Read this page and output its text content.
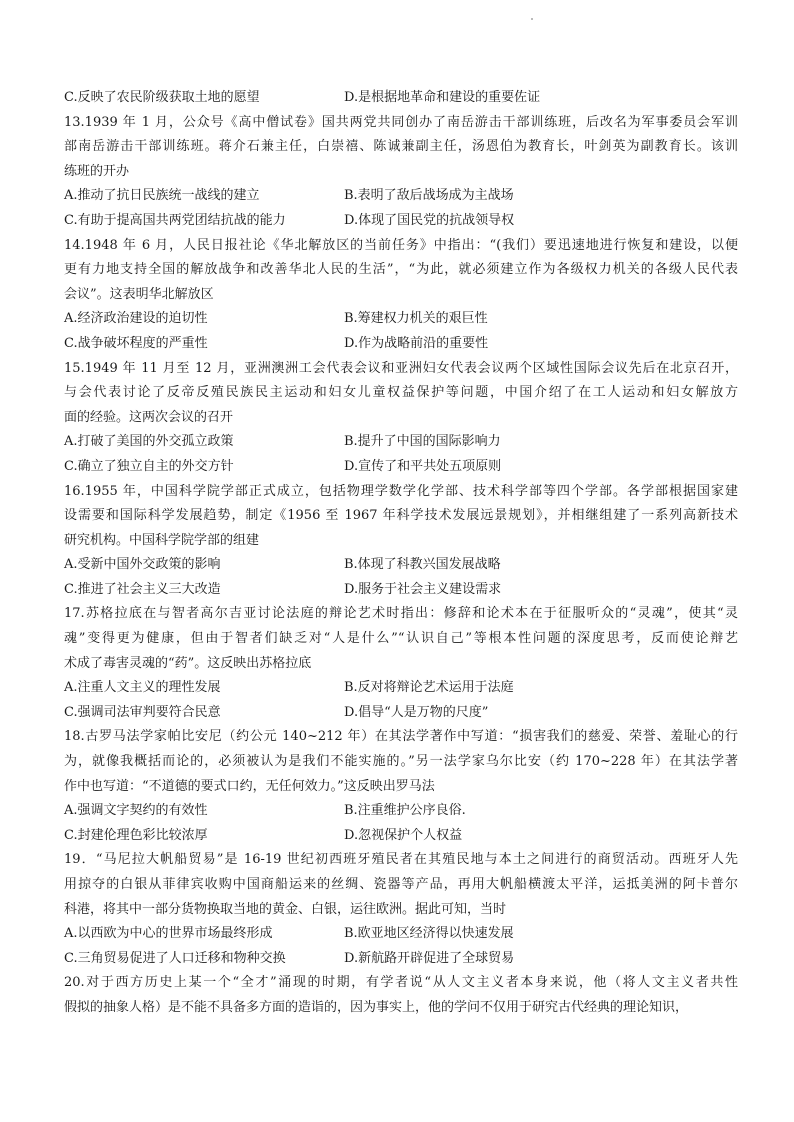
C.反映了农民阶级获取土地的愿望	D.是根据地革命和建设的重要佐证
13.1939 年 1 月，公众号《高中僧试卷》国共两党共同创办了南岳游击干部训练班，后改名为军事委员会军训
部南岳游击干部训练班。蒋介石兼主任，白崇禧、陈诚兼副主任，汤恩伯为教育长，叶剑英为副教育长。该训
练班的开办
A.推动了抗日民族统一战线的建立	B.表明了敌后战场成为主战场
C.有助于提高国共两党团结抗战的能力	D.体现了国民党的抗战领导权
14.1948 年 6 月，人民日报社论《华北解放区的当前任务》中指出：“(我们）要迅速地进行恢复和建设，以便
更有力地支持全国的解放战争和改善华北人民的生活”，“为此，就必须建立作为各级权力机关的各级人民代表
会议”。这表明华北解放区
A.经济政治建设的迫切性	B.筹建权力机关的艰巨性
C.战争破坏程度的严重性	D.作为战略前沿的重要性
15.1949 年 11 月至 12 月，亚洲澳洲工会代表会议和亚洲妇女代表会议两个区域性国际会议先后在北京召开，
与会代表讨论了反帝反殖民族民主运动和妇女儿童权益保护等问题，中国介绍了在工人运动和妇女解放方
面的经验。这两次会议的召开
A.打破了美国的外交孤立政策	B.提升了中国的国际影响力
C.确立了独立自主的外交方针	D.宣传了和平共处五项原则
16.1955 年，中国科学院学部正式成立，包括物理学数学化学部、技术科学部等四个学部。各学部根据国家建
设需要和国际科学发展趋势，制定《1956 至 1967 年科学技术发展远景规划》，并相继组建了一系列高新技术
研究机构。中国科学院学部的组建
A.受新中国外交政策的影响	B.体现了科教兴国发展战略
C.推进了社会主义三大改造	D.服务于社会主义建设需求
17.苏格拉底在与智者高尔吉亚讨论法庭的辩论艺术时指出：修辞和论术本在于征服听众的“灵魂”，使其“灵
魂”变得更为健康，但由于智者们缺乏对“人是什么”“认识自己”等根本性问题的深度思考，反而使论辩艺
术成了毒害灵魂的“药”。这反映出苏格拉底
A.注重人文主义的理性发展	B.反对将辩论艺术运用于法庭
C.强调司法审判要符合民意	D.倡导“人是万物的尺度”
18.古罗马法学家帕比安尼（约公元 140~212 年）在其法学著作中写道：“损害我们的慈爱、荣誉、羞耻心的行
为，就像我概括而论的，必须被认为是我们不能实施的。”另一法学家乌尔比安（约 170~228 年）在其法学著
作中也写道：“不道德的要式口约，无任何效力。”这反映出罗马法
A.强调文字契约的有效性	B.注重维护公序良俗.
C.封建伦理色彩比较浓厚	D.忽视保护个人权益
19．“马尼拉大帆船贸易”是 16-19 世纪初西班牙殖民者在其殖民地与本土之间进行的商贸活动。西班牙人先
用掠夺的白银从菲律宾收购中国商船运来的丝绸、瓷器等产品，再用大帆船横渡太平洋，运抵美洲的阿卡普尔
科港，将其中一部分货物换取当地的黄金、白银，运往欧洲。据此可知，当时
A.以西欧为中心的世界市场最终形成	B.欧亚地区经济得以快速发展
C.三角贸易促进了人口迁移和物种交换	D.新航路开辟促进了全球贸易
20.对于西方历史上某一个“全才”涌现的时期，有学者说“从人文主义者本身来说，他（将人文主义者共性
假拟的抽象人格）是不能不具备多方面的造诣的，因为事实上，他的学问不仅用于研究古代经典的理论知识，
